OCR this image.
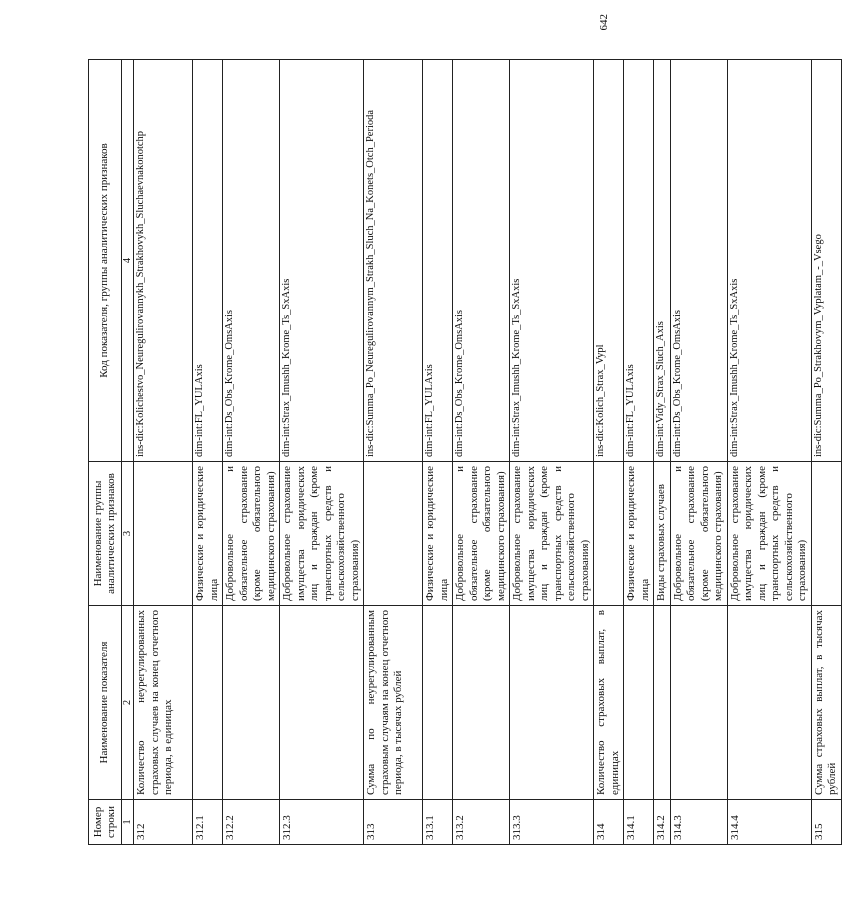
Номер строки	Наименование показателя	Наименование группы аналитических признаков	Код показателя, группы аналитических признаков
1	2	3	4
312	Количество неурегулированных страховых случаев на конец отчетного периода, в единицах		ins-dic:Kolichestvo_Neuregulirovannykh_Strakhovykh_Sluchaevnakonotchp
312.1		Физические и юридические лица	dim-int:FL_YULAxis
312.2		Добровольное и обязательное страхование (кроме обязательного медицинского страхования)	dim-int:Ds_Obs_Krome_OmsAxis
312.3		Добровольное страхование имущества юридических лиц и граждан (кроме транспортных средств и сельскохозяйственного страхования)	dim-int:Strax_Imushh_Krome_Ts_SxAxis
313	Сумма по неурегулированным страховым случаям на конец отчетного периода, в тысячах рублей		ins-dic:Summa_Po_Neuregulirovannym_Strakh_Sluch_Na_Konets_Otch_Perioda
313.1		Физические и юридические лица	dim-int:FL_YULAxis
313.2		Добровольное и обязательное страхование (кроме обязательного медицинского страхования)	dim-int:Ds_Obs_Krome_OmsAxis
313.3		Добровольное страхование имущества юридических лиц и граждан (кроме транспортных средств и сельскохозяйственного страхования)	dim-int:Strax_Imushh_Krome_Ts_SxAxis
314	Количество страховых выплат, в единицах		ins-dic:Kolich_Strax_Vypl
314.1		Физические и юридические лица	dim-int:FL_YULAxis
314.2		Виды страховых случаев	dim-int:Vidy_Strax_Sluch_Axis
314.3		Добровольное и обязательное страхование (кроме обязательного медицинского страхования)	dim-int:Ds_Obs_Krome_OmsAxis
314.4		Добровольное страхование имущества юридических лиц и граждан (кроме транспортных средств и сельскохозяйственного страхования)	dim-int:Strax_Imushh_Krome_Ts_SxAxis
315	Сумма страховых выплат, в тысячах рублей		ins-dic:Summa_Po_Strakhovym_Vyplatam_-_Vsego
642
